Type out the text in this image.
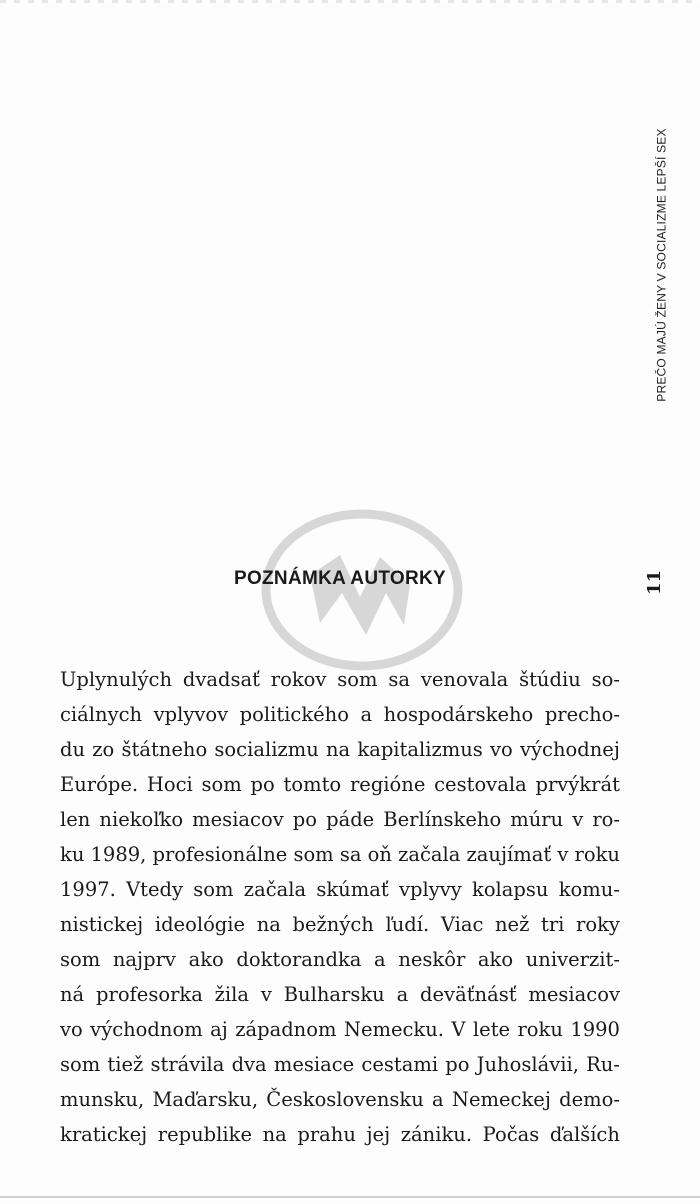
PREČO MAJÚ ŽENY V SOCIALIZME LEPŠÍ SEX
11
POZNÁMKA AUTORKY
Uplynulých dvadsať rokov som sa venovala štúdiu so-
ciálnych vplyvov politického a hospodárskeho precho-
du zo štátneho socializmu na kapitalizmus vo východnej
Európe. Hoci som po tomto regióne cestovala prvýkrát
len niekoľko mesiacov po páde Berlínskeho múru v ro-
ku 1989, profesionálne som sa oň začala zaujímať v roku
1997. Vtedy som začala skúmať vplyvy kolapsu komu-
nistickej ideológie na bežných ľudí. Viac než tri roky
som najprv ako doktorandka a neskôr ako univerzit-
ná profesorka žila v Bulharsku a deväťnásť mesiacov
vo východnom aj západnom Nemecku. V lete roku 1990
som tiež strávila dva mesiace cestami po Juhoslávii, Ru-
munsku, Maďarsku, Československu a Nemeckej demo-
kratickej republike na prahu jej zániku. Počas ďalších
